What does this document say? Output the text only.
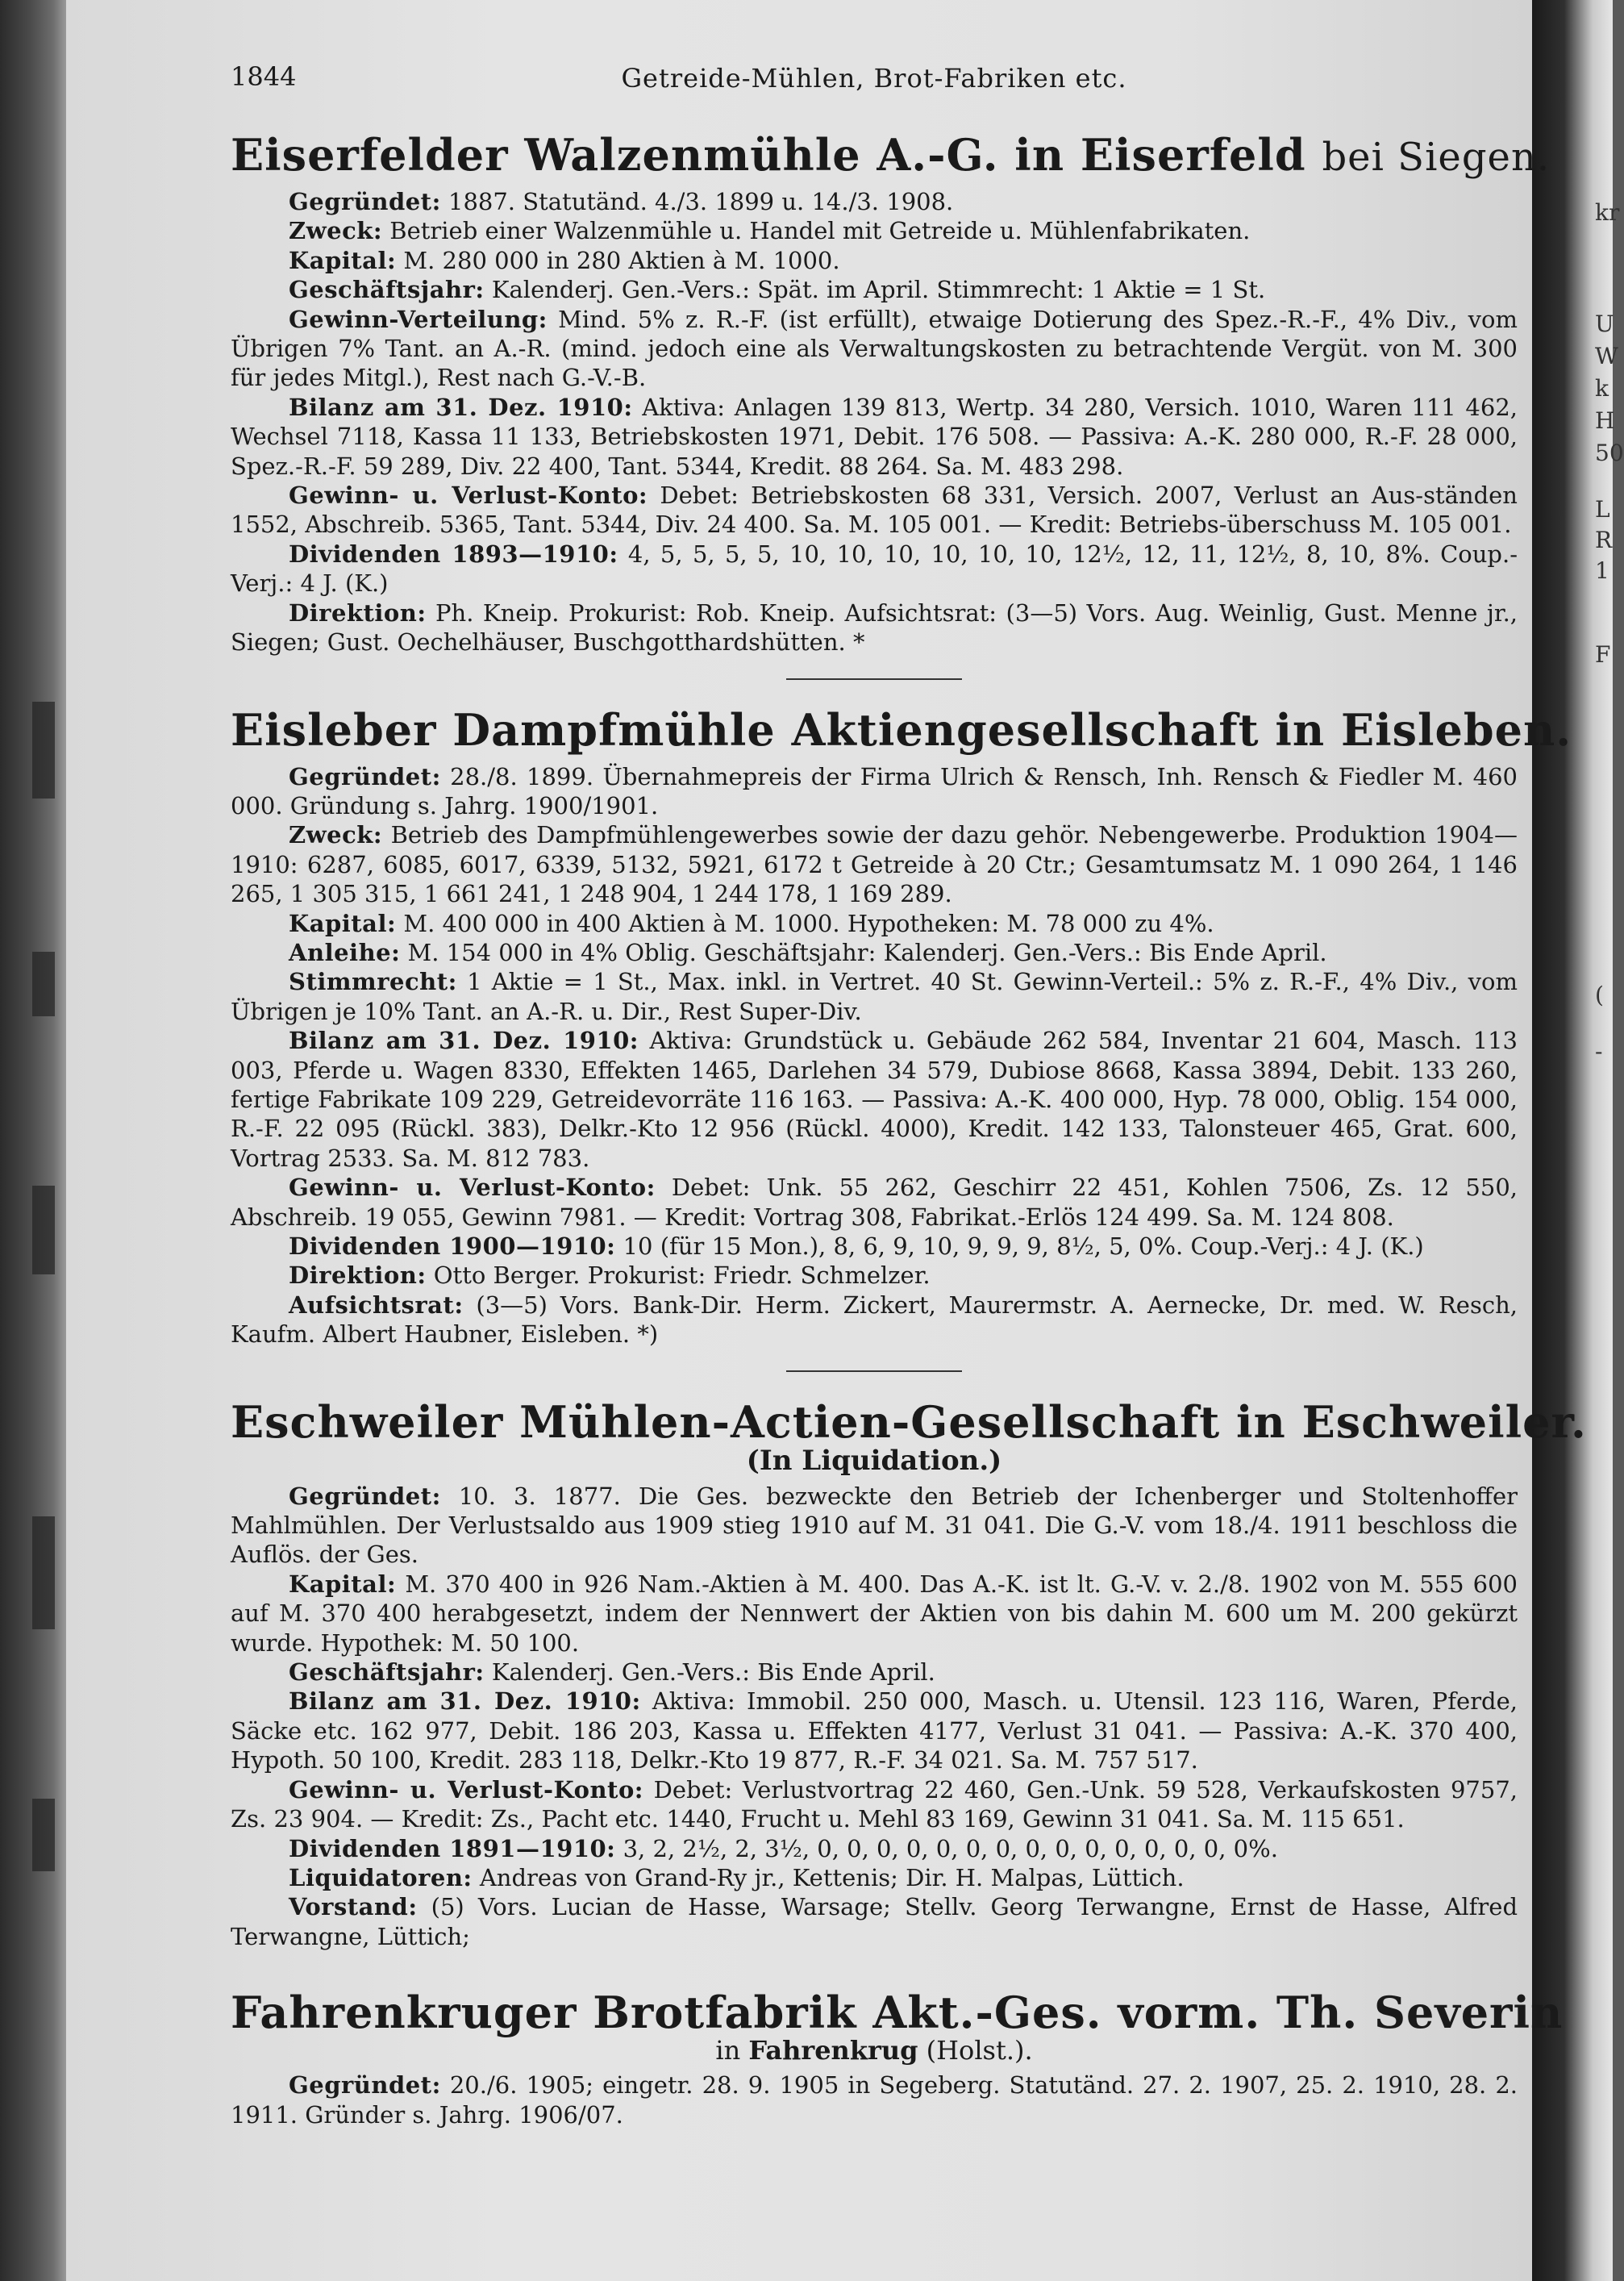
kr
U
W
k
H
50
L
R
1
F
(
-
1844	Getreide-Mühlen, Brot-Fabriken etc.
Eiserfelder Walzenmühle A.-G. in Eiserfeld bei Siegen.

Gegründet: 1887. Statutänd. 4./3. 1899 u. 14./3. 1908.

Zweck: Betrieb einer Walzenmühle u. Handel mit Getreide u. Mühlenfabrikaten.

Kapital: M. 280 000 in 280 Aktien à M. 1000.

Geschäftsjahr: Kalenderj. Gen.-Vers.: Spät. im April. Stimmrecht: 1 Aktie = 1 St.

Gewinn-Verteilung: Mind. 5% z. R.-F. (ist erfüllt), etwaige Dotierung des Spez.-R.-F., 4% Div., vom Übrigen 7% Tant. an A.-R. (mind. jedoch eine als Verwaltungskosten zu betrachtende Vergüt. von M. 300 für jedes Mitgl.), Rest nach G.-V.-B.

Bilanz am 31. Dez. 1910: Aktiva: Anlagen 139 813, Wertp. 34 280, Versich. 1010, Waren 111 462, Wechsel 7118, Kassa 11 133, Betriebskosten 1971, Debit. 176 508. — Passiva: A.-K. 280 000, R.-F. 28 000, Spez.-R.-F. 59 289, Div. 22 400, Tant. 5344, Kredit. 88 264. Sa. M. 483 298.

Gewinn- u. Verlust-Konto: Debet: Betriebskosten 68 331, Versich. 2007, Verlust an Aus-ständen 1552, Abschreib. 5365, Tant. 5344, Div. 24 400. Sa. M. 105 001. — Kredit: Betriebs-überschuss M. 105 001.

Dividenden 1893—1910: 4, 5, 5, 5, 5, 10, 10, 10, 10, 10, 10, 12½, 12, 11, 12½, 8, 10, 8%. Coup.-Verj.: 4 J. (K.)

Direktion: Ph. Kneip. Prokurist: Rob. Kneip. Aufsichtsrat: (3—5) Vors. Aug. Weinlig, Gust. Menne jr., Siegen; Gust. Oechelhäuser, Buschgotthardshütten. *

Eisleber Dampfmühle Aktiengesellschaft in Eisleben.

Gegründet: 28./8. 1899. Übernahmepreis der Firma Ulrich & Rensch, Inh. Rensch & Fiedler M. 460 000. Gründung s. Jahrg. 1900/1901.

Zweck: Betrieb des Dampfmühlengewerbes sowie der dazu gehör. Nebengewerbe. Produktion 1904—1910: 6287, 6085, 6017, 6339, 5132, 5921, 6172 t Getreide à 20 Ctr.; Gesamtumsatz M. 1 090 264, 1 146 265, 1 305 315, 1 661 241, 1 248 904, 1 244 178, 1 169 289.

Kapital: M. 400 000 in 400 Aktien à M. 1000. Hypotheken: M. 78 000 zu 4%.

Anleihe: M. 154 000 in 4% Oblig. Geschäftsjahr: Kalenderj. Gen.-Vers.: Bis Ende April.

Stimmrecht: 1 Aktie = 1 St., Max. inkl. in Vertret. 40 St. Gewinn-Verteil.: 5% z. R.-F., 4% Div., vom Übrigen je 10% Tant. an A.-R. u. Dir., Rest Super-Div.

Bilanz am 31. Dez. 1910: Aktiva: Grundstück u. Gebäude 262 584, Inventar 21 604, Masch. 113 003, Pferde u. Wagen 8330, Effekten 1465, Darlehen 34 579, Dubiose 8668, Kassa 3894, Debit. 133 260, fertige Fabrikate 109 229, Getreidevorräte 116 163. — Passiva: A.-K. 400 000, Hyp. 78 000, Oblig. 154 000, R.-F. 22 095 (Rückl. 383), Delkr.-Kto 12 956 (Rückl. 4000), Kredit. 142 133, Talonsteuer 465, Grat. 600, Vortrag 2533. Sa. M. 812 783.

Gewinn- u. Verlust-Konto: Debet: Unk. 55 262, Geschirr 22 451, Kohlen 7506, Zs. 12 550, Abschreib. 19 055, Gewinn 7981. — Kredit: Vortrag 308, Fabrikat.-Erlös 124 499. Sa. M. 124 808.

Dividenden 1900—1910: 10 (für 15 Mon.), 8, 6, 9, 10, 9, 9, 9, 8½, 5, 0%. Coup.-Verj.: 4 J. (K.)

Direktion: Otto Berger. Prokurist: Friedr. Schmelzer.

Aufsichtsrat: (3—5) Vors. Bank-Dir. Herm. Zickert, Maurermstr. A. Aernecke, Dr. med. W. Resch, Kaufm. Albert Haubner, Eisleben. *)

Eschweiler Mühlen-Actien-Gesellschaft in Eschweiler.
(In Liquidation.)

Gegründet: 10. 3. 1877. Die Ges. bezweckte den Betrieb der Ichenberger und Stoltenhoffer Mahlmühlen. Der Verlustsaldo aus 1909 stieg 1910 auf M. 31 041. Die G.-V. vom 18./4. 1911 beschloss die Auflös. der Ges.

Kapital: M. 370 400 in 926 Nam.-Aktien à M. 400. Das A.-K. ist lt. G.-V. v. 2./8. 1902 von M. 555 600 auf M. 370 400 herabgesetzt, indem der Nennwert der Aktien von bis dahin M. 600 um M. 200 gekürzt wurde. Hypothek: M. 50 100.

Geschäftsjahr: Kalenderj. Gen.-Vers.: Bis Ende April.

Bilanz am 31. Dez. 1910: Aktiva: Immobil. 250 000, Masch. u. Utensil. 123 116, Waren, Pferde, Säcke etc. 162 977, Debit. 186 203, Kassa u. Effekten 4177, Verlust 31 041. — Passiva: A.-K. 370 400, Hypoth. 50 100, Kredit. 283 118, Delkr.-Kto 19 877, R.-F. 34 021. Sa. M. 757 517.

Gewinn- u. Verlust-Konto: Debet: Verlustvortrag 22 460, Gen.-Unk. 59 528, Verkaufskosten 9757, Zs. 23 904. — Kredit: Zs., Pacht etc. 1440, Frucht u. Mehl 83 169, Gewinn 31 041. Sa. M. 115 651.

Dividenden 1891—1910: 3, 2, 2½, 2, 3½, 0, 0, 0, 0, 0, 0, 0, 0, 0, 0, 0, 0, 0, 0, 0%.

Liquidatoren: Andreas von Grand-Ry jr., Kettenis; Dir. H. Malpas, Lüttich.

Vorstand: (5) Vors. Lucian de Hasse, Warsage; Stellv. Georg Terwangne, Ernst de Hasse, Alfred Terwangne, Lüttich;

Fahrenkruger Brotfabrik Akt.-Ges. vorm. Th. Severin
in Fahrenkrug (Holst.).

Gegründet: 20./6. 1905; eingetr. 28. 9. 1905 in Segeberg. Statutänd. 27. 2. 1907, 25. 2. 1910, 28. 2. 1911. Gründer s. Jahrg. 1906/07.
